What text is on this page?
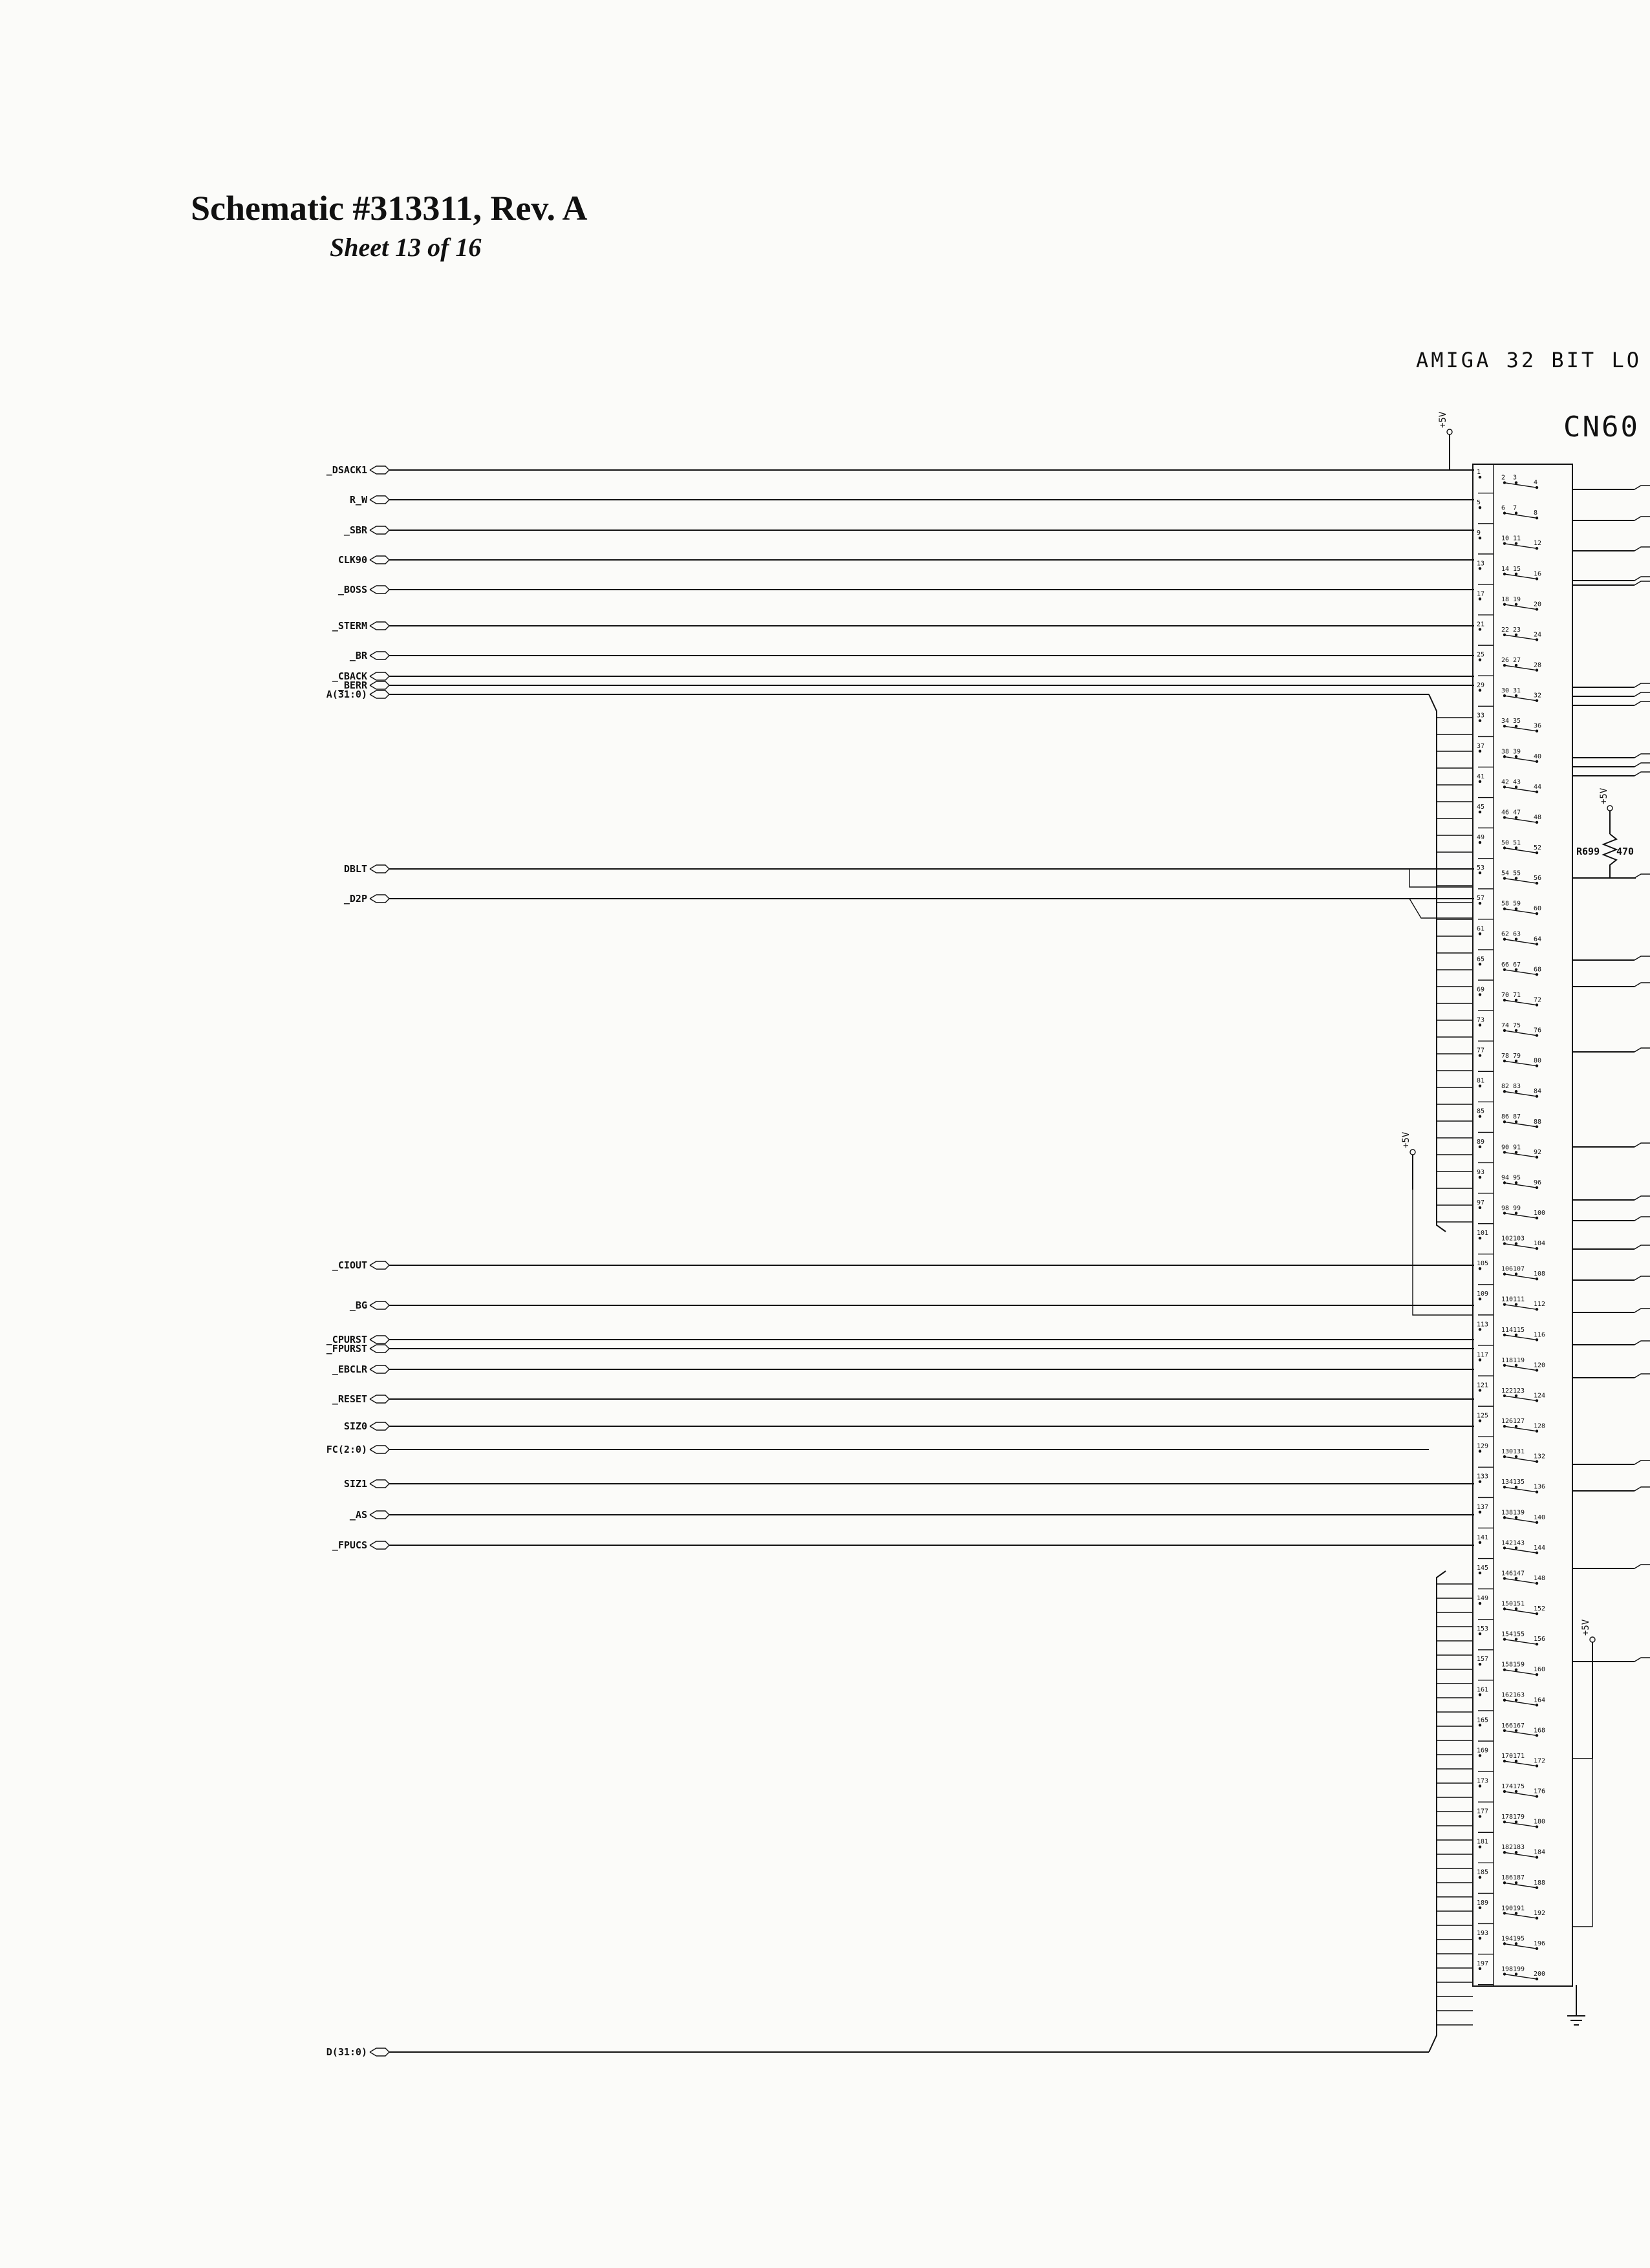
Schematic #313311, Rev. A
Sheet 13 of 16
AMIGA 32 BIT LO
CN60
1
2 3
4
5
6 7
8
9
10 11
12
13
14 15
16
17
18 19
20
21
22 23
24
25
26 27
28
29
30 31
32
33
34 35
36
37
38 39
40
41
42 43
44
45
46 47
48
49
50 51
52
53
54 55
56
57
58 59
60
61
62 63
64
65
66 67
68
69
70 71
72
73
74 75
76
77
78 79
80
81
82 83
84
85
86 87
88
89
90 91
92
93
94 95
96
97
98 99
100
101
102 103
104
105
106 107
108
109
110 111
112
113
114 115
116
117
118 119
120
121
122 123
124
125
126 127
128
129
130 131
132
133
134 135
136
137
138 139
140
141
142 143
144
145
146 147
148
149
150 151
152
153
154 155
156
157
158 159
160
161
162 163
164
165
166 167
168
169
170 171
172
173
174 175
176
177
178 179
180
181
182 183
184
185
186 187
188
189
190 191
192
193
194 195
196
197
198 199
200
_DSACK1
R_W
_SBR
CLK90
_BOSS
_STERM
_BR
_CBACK
_BERR
A(31:0)
DBLT
_D2P
_CIOUT
_BG
_CPURST
_FPURST
_EBCLR
_RESET
SIZ0
FC(2:0)
SIZ1
_AS
_FPUCS
D(31:0)
+5V
+5V
+5V
+5V
R699 470
